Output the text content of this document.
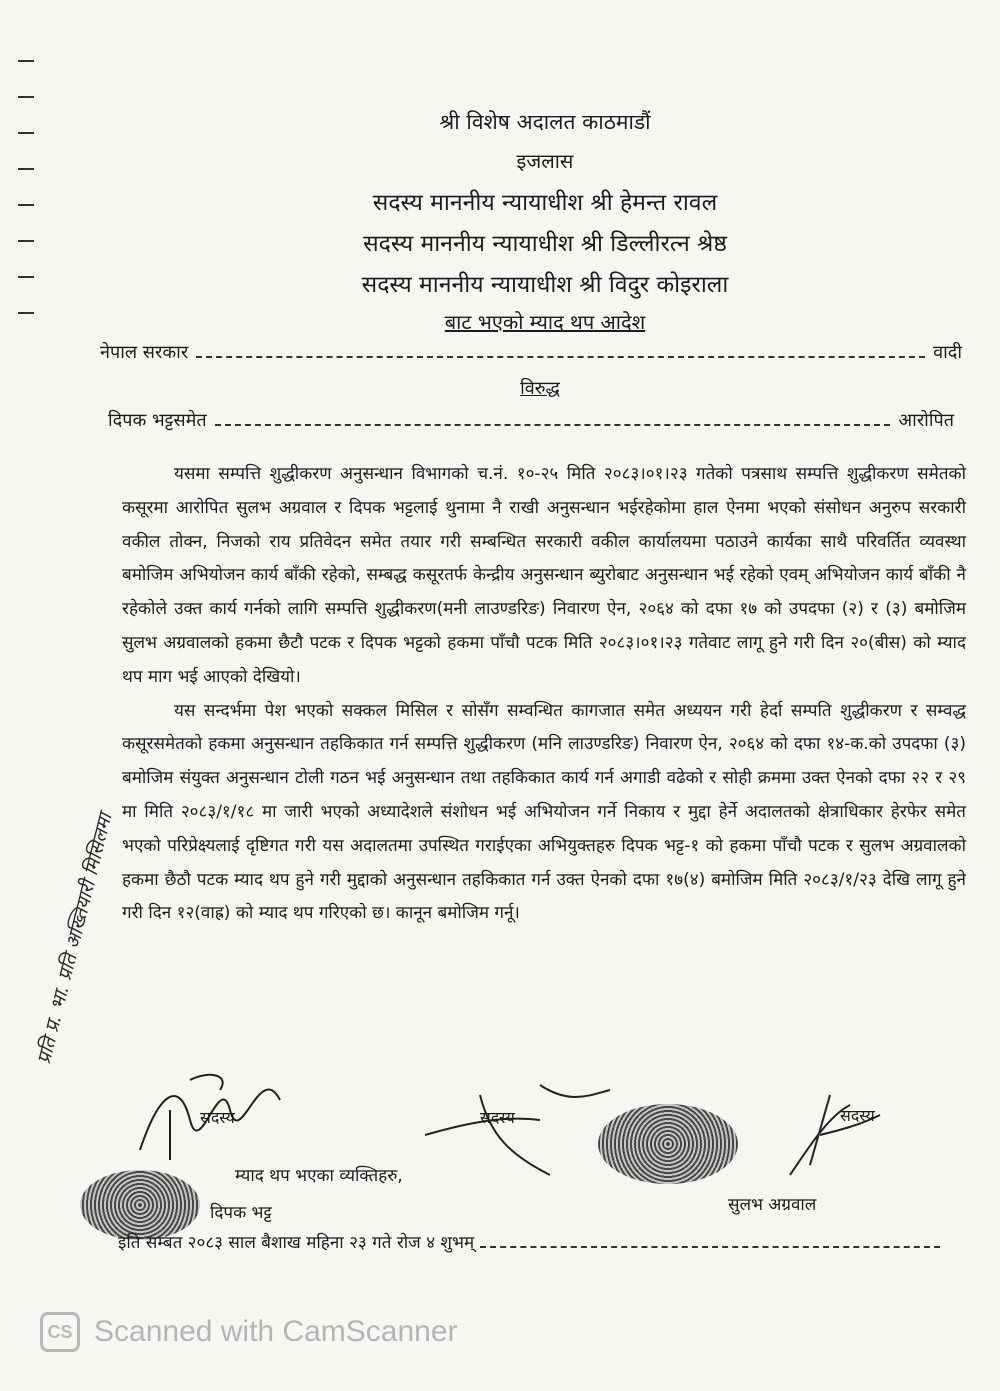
श्री विशेष अदालत काठमाडौं
इजलास
सदस्य माननीय न्यायाधीश श्री हेमन्त रावल
सदस्य माननीय न्यायाधीश श्री डिल्लीरत्न श्रेष्ठ
सदस्य माननीय न्यायाधीश श्री विदुर कोइराला
बाट भएको म्याद थप आदेश
नेपाल सरकार	वादी
विरुद्ध
दिपक भट्टसमेत	आरोपित

यसमा सम्पत्ति शुद्धीकरण अनुसन्धान विभागको च.नं. १०-२५ मिति २०८३।०१।२३ गतेको पत्रसाथ सम्पत्ति शुद्धीकरण समेतको कसूरमा आरोपित सुलभ अग्रवाल र दिपक भट्टलाई थुनामा नै राखी अनुसन्धान भईरहेकोमा हाल ऐनमा भएको संसोधन अनुरुप सरकारी वकील तोक्न, निजको राय प्रतिवेदन समेत तयार गरी सम्बन्धित सरकारी वकील कार्यालयमा पठाउने कार्यका साथै परिवर्तित व्यवस्था बमोजिम अभियोजन कार्य बाँकी रहेको, सम्बद्ध कसूरतर्फ केन्द्रीय अनुसन्धान ब्युरोबाट अनुसन्धान भई रहेको एवम् अभियोजन कार्य बाँकी नै रहेकोले उक्त कार्य गर्नको लागि सम्पत्ति शुद्धीकरण(मनी लाउण्डरिङ) निवारण ऐन, २०६४ को दफा १७ को उपदफा (२) र (३) बमोजिम सुलभ अग्रवालको हकमा छैटौ पटक र दिपक भट्टको हकमा पाँचौ पटक मिति २०८३।०१।२३ गतेवाट लागू हुने गरी दिन २०(बीस) को म्याद थप माग भई आएको देखियो।

यस सन्दर्भमा पेश भएको सक्कल मिसिल र सोसँग सम्वन्धित कागजात समेत अध्ययन गरी हेर्दा सम्पति शुद्धीकरण र सम्वद्ध कसूरसमेतको हकमा अनुसन्धान तहकिकात गर्न सम्पत्ति शुद्धीकरण (मनि लाउण्डरिङ) निवारण ऐन, २०६४ को दफा १४-क.को उपदफा (३) बमोजिम संयुक्त अनुसन्धान टोली गठन भई अनुसन्धान तथा तहकिकात कार्य गर्न अगाडी वढेको र सोही क्रममा उक्त ऐनको दफा २२ र २९ मा मिति २०८३/१/१८ मा जारी भएको अध्यादेशले संशोधन भई अभियोजन गर्ने निकाय र मुद्दा हेर्ने अदालतको क्षेत्राधिकार हेरफेर समेत भएको परिप्रेक्ष्यलाई दृष्टिगत गरी यस अदालतमा उपस्थित गराईएका अभियुक्तहरु दिपक भट्ट-१ को हकमा पाँचौ पटक र सुलभ अग्रवालको हकमा छैठौ पटक म्याद थप हुने गरी मुद्दाको अनुसन्धान तहकिकात गर्न उक्त ऐनको दफा १७(४) बमोजिम मिति २०८३/१/२३ देखि लागू हुने गरी दिन १२(वाह्र) को म्याद थप गरिएको छ। कानून बमोजिम गर्नू।

प्रति प्र. भा. प्रति अख्तियारी मिसिलमा
सदस्य	सदस्य	सदस्य
म्याद थप भएका व्यक्तिहरु,
दिपक भट्ट	सुलभ अग्रवाल
इति सम्बत २०८३ साल बैशाख महिना २३ गते रोज ४ शुभम्
CS Scanned with CamScanner
